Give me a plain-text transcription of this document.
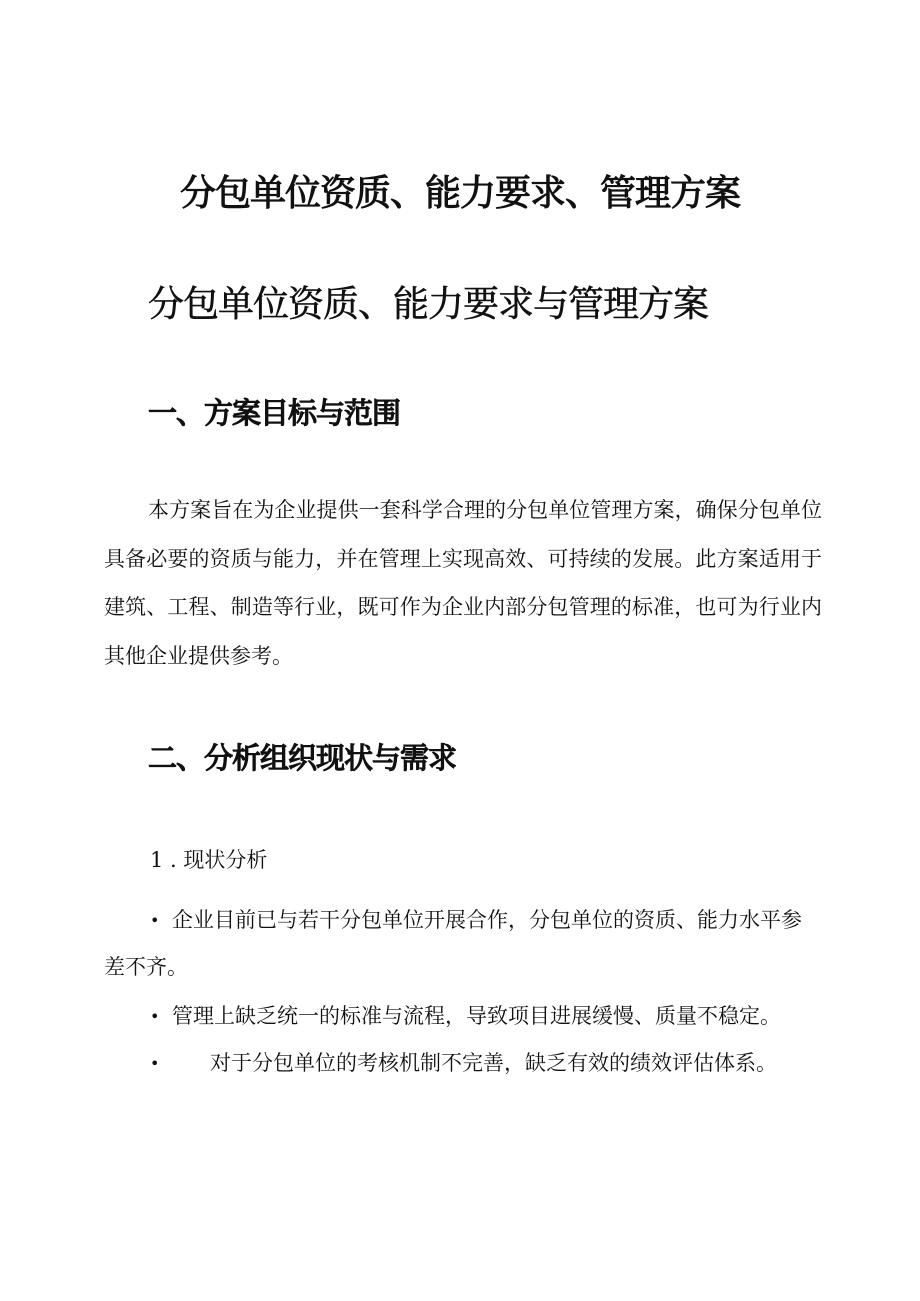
分包单位资质、能力要求、管理方案
分包单位资质、能力要求与管理方案
一、方案目标与范围

本方案旨在为企业提供一套科学合理的分包单位管理方案，确保分包单位具备必要的资质与能力，并在管理上实现高效、可持续的发展。此方案适用于建筑、工程、制造等行业，既可作为企业内部分包管理的标准，也可为行业内其他企业提供参考。

二、分析组织现状与需求

1 . 现状分析

• 企业目前已与若干分包单位开展合作，分包单位的资质、能力水平参差不齐。

• 管理上缺乏统一的标准与流程，导致项目进展缓慢、质量不稳定。

• 对于分包单位的考核机制不完善，缺乏有效的绩效评估体系。
